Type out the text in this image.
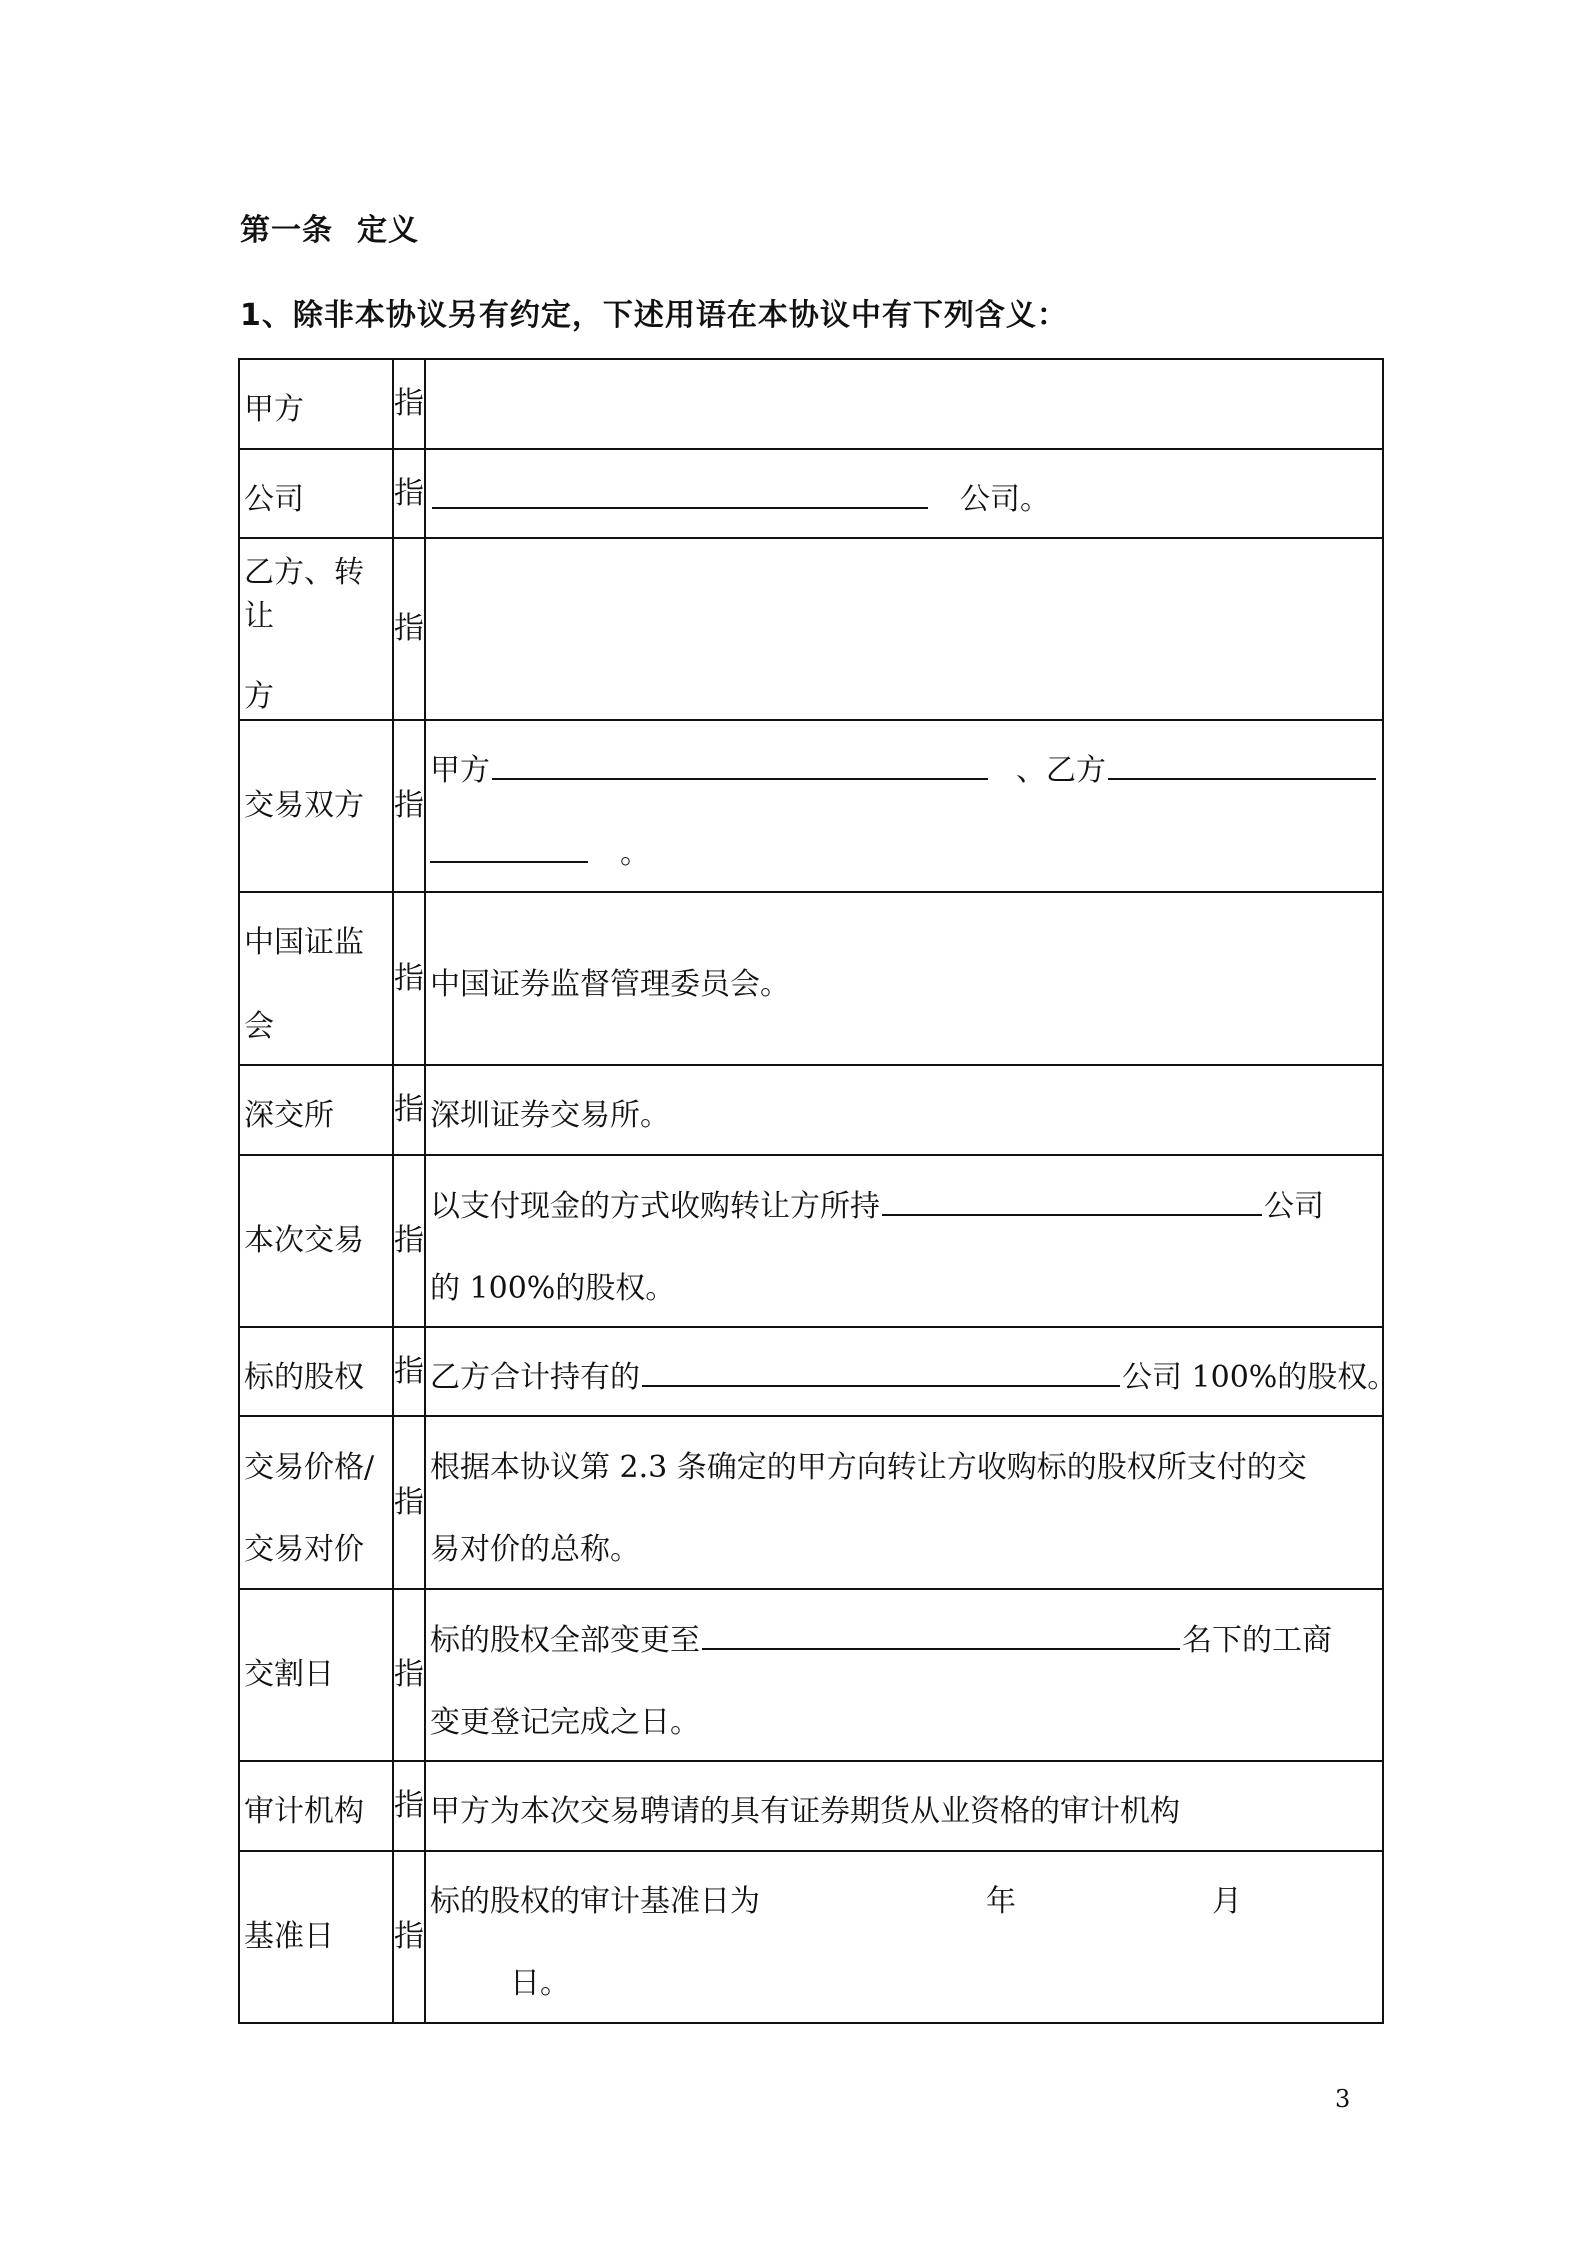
第一条 定义
1、除非本协议另有约定，下述用语在本协议中有下列含义：
甲方	指	

公司	指	公司。

乙方、转让
方	指	

交易双方	指	甲方 、乙方
。

中国证监
会	指	中国证券监督管理委员会。

深交所	指	深圳证券交易所。

本次交易	指	以支付现金的方式收购转让方所持 公司
的 100%的股权。

标的股权	指	乙方合计持有的 公司 100%的股权。

交易价格/
交易对价	指	根据本协议第 2.3 条确定的甲方向转让方收购标的股权所支付的交
易对价的总称。

交割日	指	标的股权全部变更至 名下的工商
变更登记完成之日。

审计机构	指	甲方为本次交易聘请的具有证券期货从业资格的审计机构

基准日	指	标的股权的审计基准日为 年 月
日。
3
